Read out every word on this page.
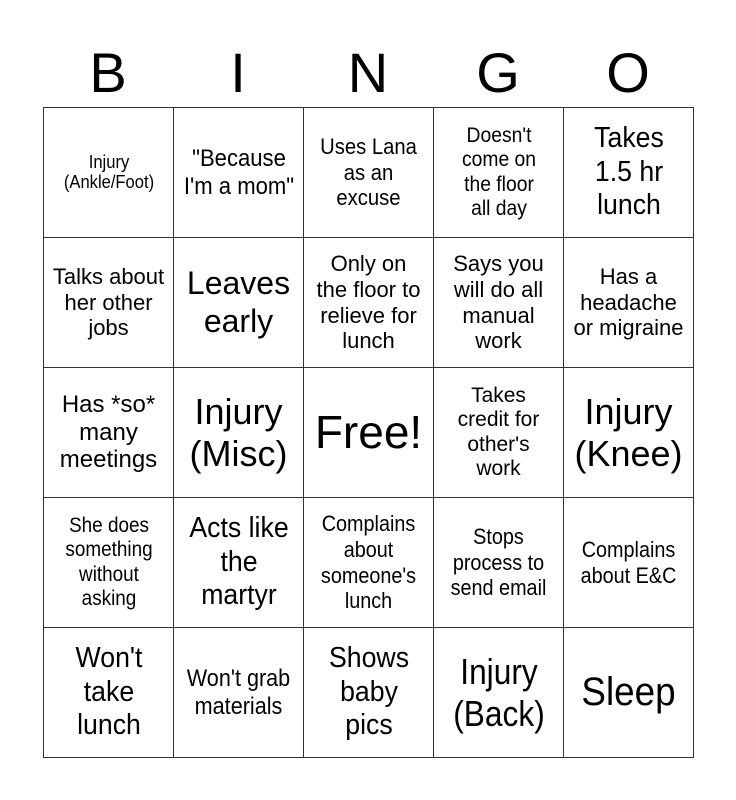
B	I	N	G	O
Injury (Ankle/Foot)	"Because I'm a mom"	Uses Lana as an excuse	Doesn't come on the floor all day	Takes 1.5 hr lunch
Talks about her other jobs	Leaves early	Only on the floor to relieve for lunch	Says you will do all manual work	Has a headache or migraine
Has *so* many meetings	Injury (Misc)	Free!	Takes credit for other's work	Injury (Knee)
She does something without asking	Acts like the martyr	Complains about someone's lunch	Stops process to send email	Complains about E&C
Won't take lunch	Won't grab materials	Shows baby pics	Injury (Back)	Sleep
